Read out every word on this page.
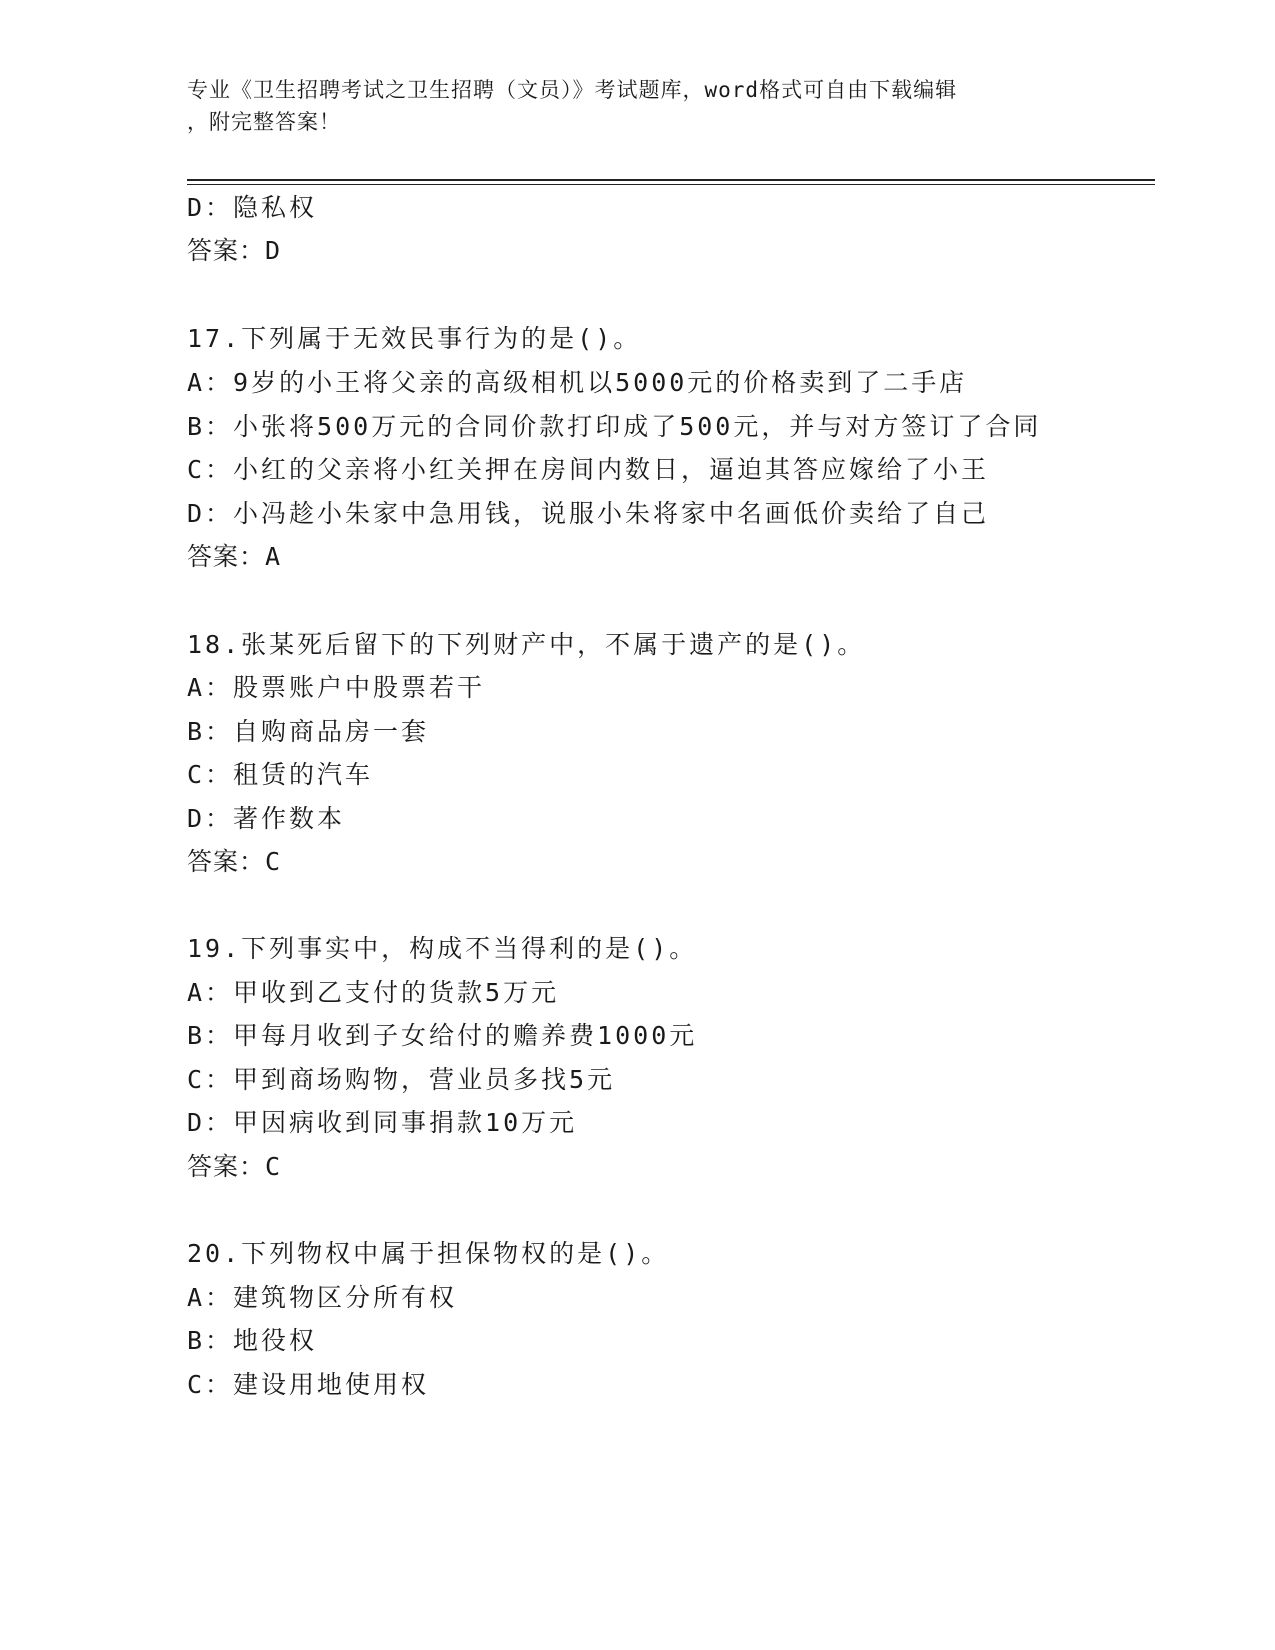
专业《卫生招聘考试之卫生招聘（文员）》考试题库，word格式可自由下载编辑
，附完整答案！

D：隐私权

答案：D

17.下列属于无效民事行为的是()。

A：9岁的小王将父亲的高级相机以5000元的价格卖到了二手店

B：小张将500万元的合同价款打印成了500元，并与对方签订了合同

C：小红的父亲将小红关押在房间内数日，逼迫其答应嫁给了小王

D：小冯趁小朱家中急用钱，说服小朱将家中名画低价卖给了自己

答案：A

18.张某死后留下的下列财产中，不属于遗产的是()。

A：股票账户中股票若干

B：自购商品房一套

C：租赁的汽车

D：著作数本

答案：C

19.下列事实中，构成不当得利的是()。

A：甲收到乙支付的货款5万元

B：甲每月收到子女给付的赡养费1000元

C：甲到商场购物，营业员多找5元

D：甲因病收到同事捐款10万元

答案：C

20.下列物权中属于担保物权的是()。

A：建筑物区分所有权

B：地役权

C：建设用地使用权
